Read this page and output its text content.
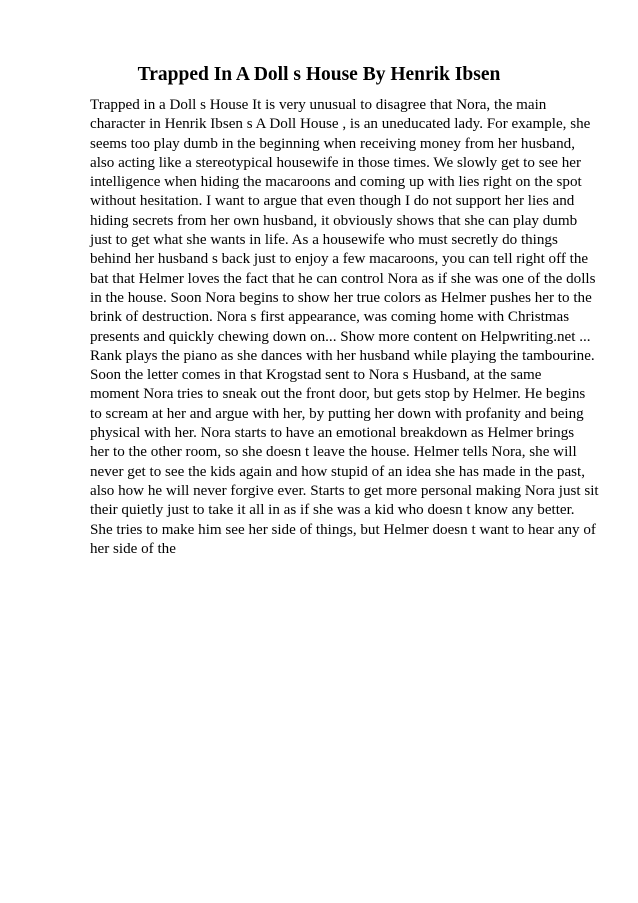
Trapped In A Doll s House By Henrik Ibsen
Trapped in a Doll s House It is very unusual to disagree that Nora, the main
character in Henrik Ibsen s A Doll House , is an uneducated lady. For example, she
seems too play dumb in the beginning when receiving money from her husband,
also acting like a stereotypical housewife in those times. We slowly get to see her
intelligence when hiding the macaroons and coming up with lies right on the spot
without hesitation. I want to argue that even though I do not support her lies and
hiding secrets from her own husband, it obviously shows that she can play dumb
just to get what she wants in life. As a housewife who must secretly do things
behind her husband s back just to enjoy a few macaroons, you can tell right off the
bat that Helmer loves the fact that he can control Nora as if she was one of the dolls
in the house. Soon Nora begins to show her true colors as Helmer pushes her to the
brink of destruction. Nora s first appearance, was coming home with Christmas
presents and quickly chewing down on... Show more content on Helpwriting.net ...
Rank plays the piano as she dances with her husband while playing the tambourine.
Soon the letter comes in that Krogstad sent to Nora s Husband, at the same
moment Nora tries to sneak out the front door, but gets stop by Helmer. He begins
to scream at her and argue with her, by putting her down with profanity and being
physical with her. Nora starts to have an emotional breakdown as Helmer brings
her to the other room, so she doesn t leave the house. Helmer tells Nora, she will
never get to see the kids again and how stupid of an idea she has made in the past,
also how he will never forgive ever. Starts to get more personal making Nora just sit
their quietly just to take it all in as if she was a kid who doesn t know any better.
She tries to make him see her side of things, but Helmer doesn t want to hear any of
her side of the
